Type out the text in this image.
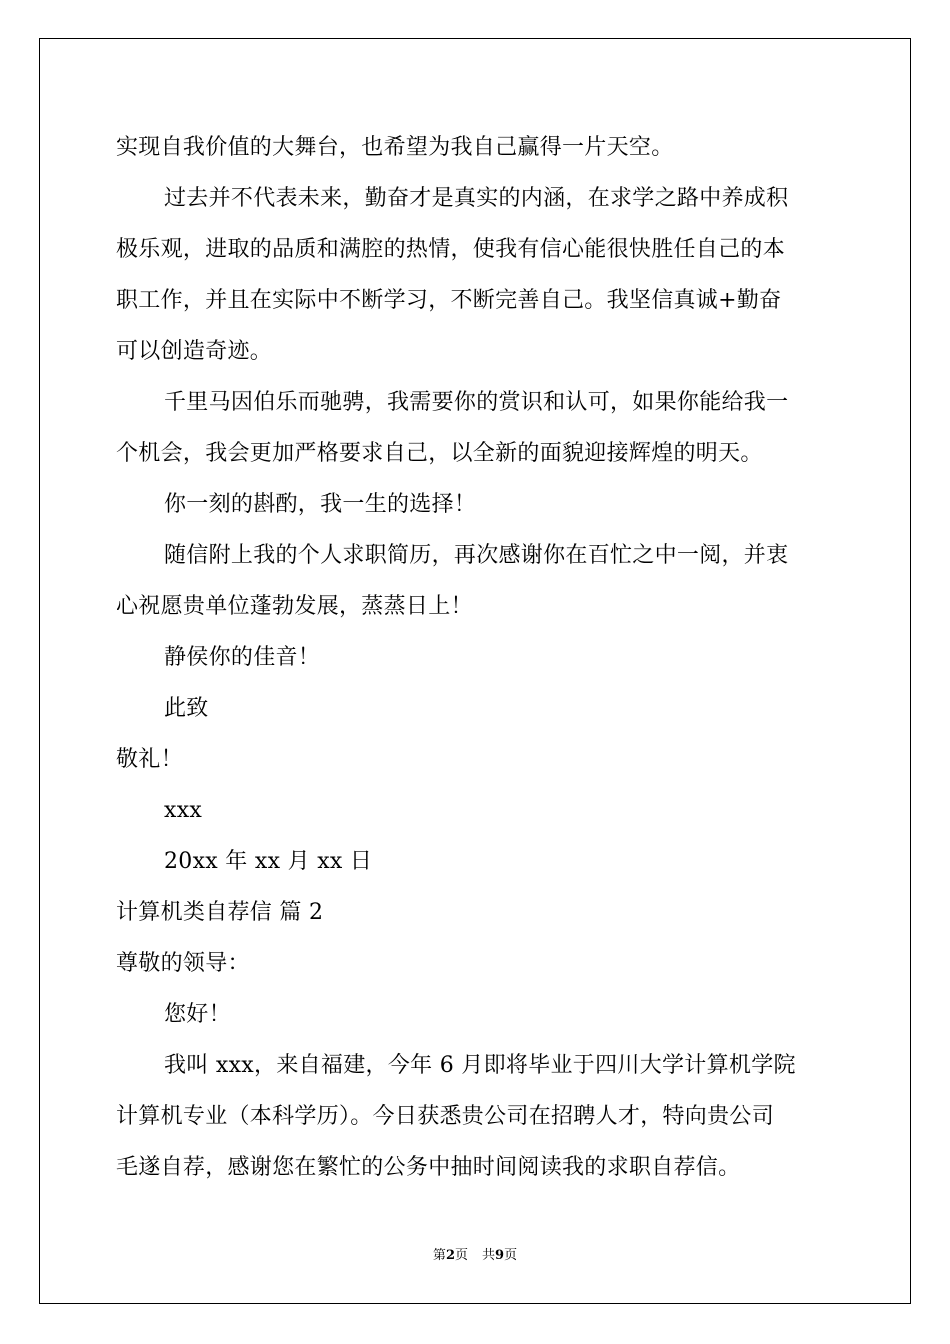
实现自我价值的大舞台，也希望为我自己赢得一片天空。
过去并不代表未来，勤奋才是真实的内涵，在求学之路中养成积
极乐观，进取的品质和满腔的热情，使我有信心能很快胜任自己的本
职工作，并且在实际中不断学习，不断完善自己。我坚信真诚+勤奋
可以创造奇迹。
千里马因伯乐而驰骋，我需要你的赏识和认可，如果你能给我一
个机会，我会更加严格要求自己，以全新的面貌迎接辉煌的明天。
你一刻的斟酌，我一生的选择！
随信附上我的个人求职简历，再次感谢你在百忙之中一阅，并衷
心祝愿贵单位蓬勃发展，蒸蒸日上！
静侯你的佳音！
此致
敬礼！
xxx
20xx 年 xx 月 xx 日
计算机类自荐信 篇 2
尊敬的领导：
您好！
我叫 xxx，来自福建，今年 6 月即将毕业于四川大学计算机学院
计算机专业（本科学历）。今日获悉贵公司在招聘人才，特向贵公司
毛遂自荐，感谢您在繁忙的公务中抽时间阅读我的求职自荐信。
第2页 共9页
